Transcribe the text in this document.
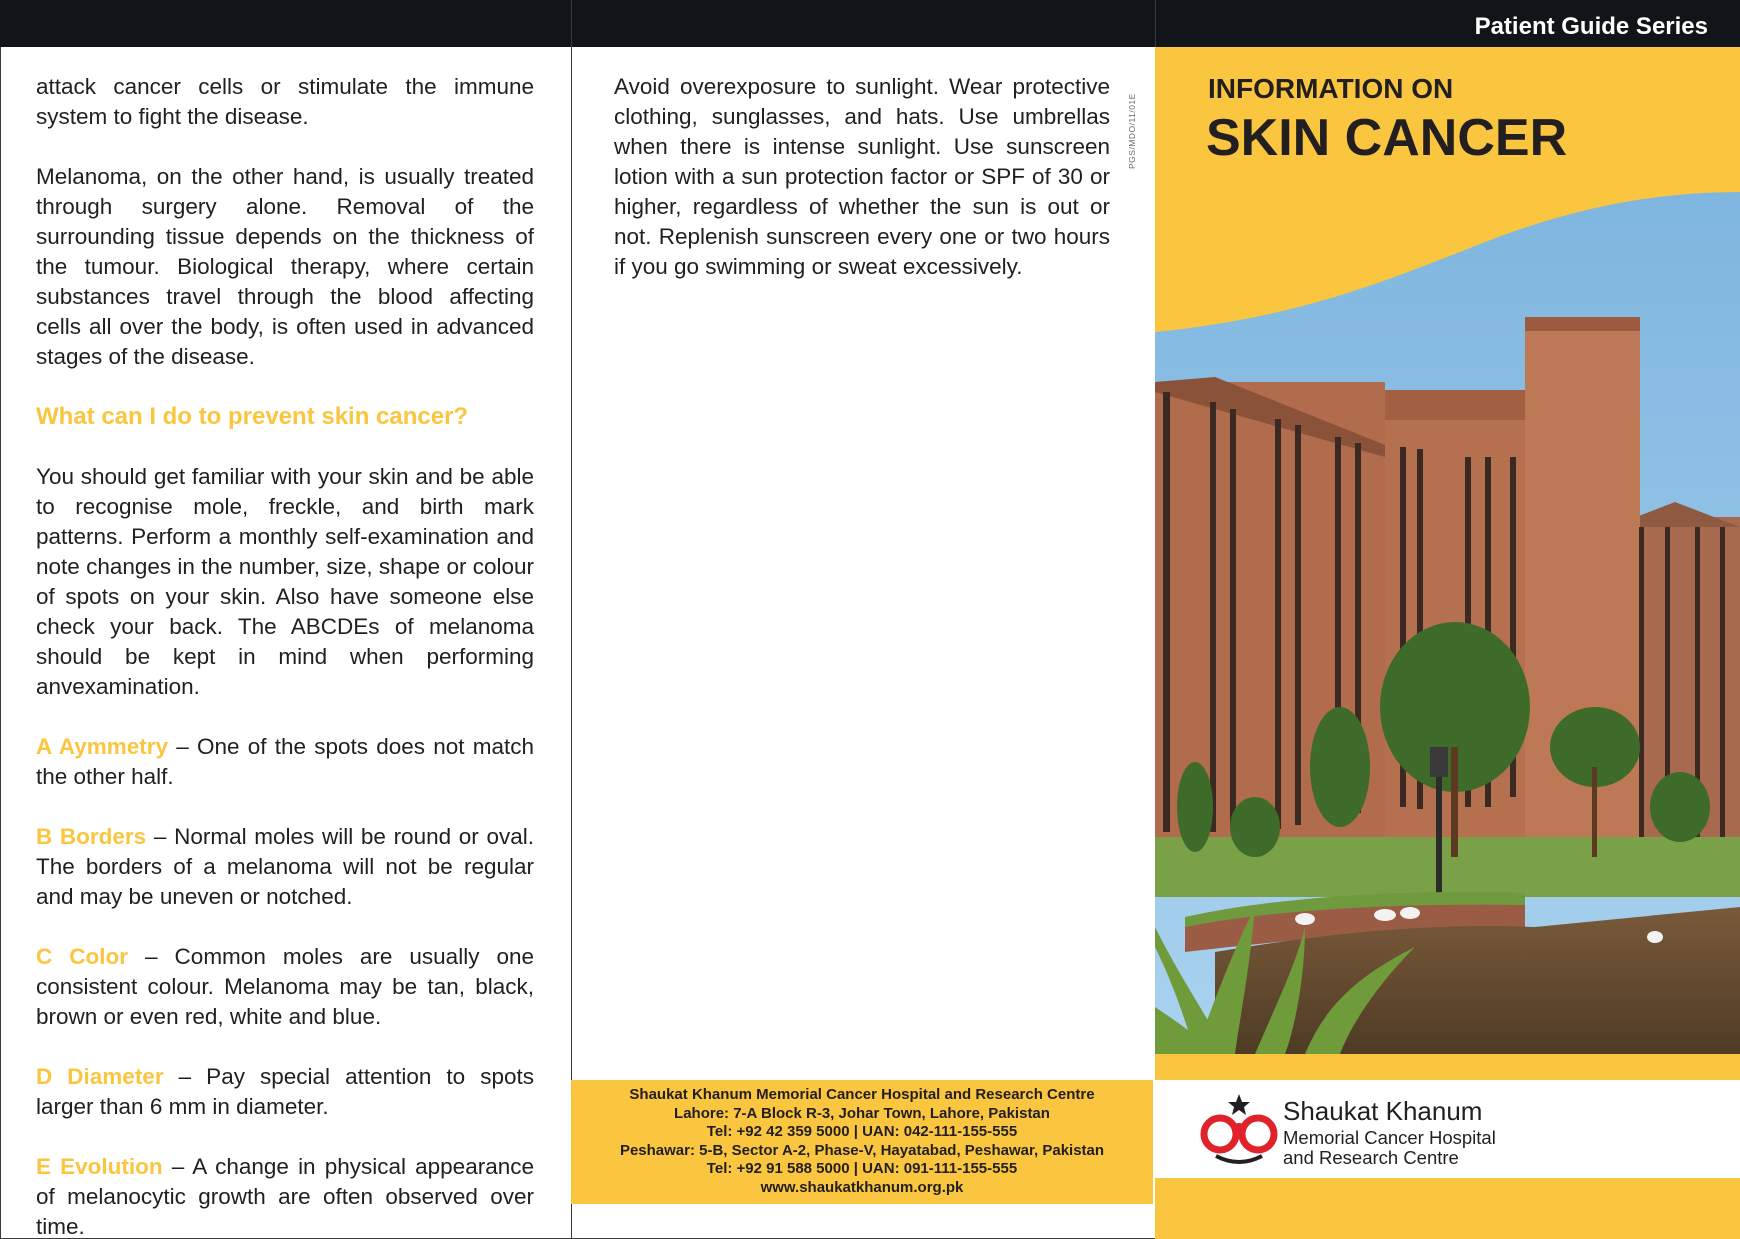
Patient Guide Series

attack cancer cells or stimulate the immune system to fight the disease.

Melanoma, on the other hand, is usually treated through surgery alone. Removal of the surrounding tissue depends on the thickness of the tumour. Biological therapy, where certain substances travel through the blood affecting cells all over the body, is often used in advanced stages of the disease.

What can I do to prevent skin cancer?

You should get familiar with your skin and be able to recognise mole, freckle, and birth mark patterns. Perform a monthly self-examination and note changes in the number, size, shape or colour of spots on your skin. Also have someone else check your back. The ABCDEs of melanoma should be kept in mind when performing anvexamination.

A Aymmetry – One of the spots does not match the other half.

B Borders – Normal moles will be round or oval. The borders of a melanoma will not be regular and may be uneven or notched.

C Color – Common moles are usually one consistent colour. Melanoma may be tan, black, brown or even red, white and blue.

D Diameter – Pay special attention to spots larger than 6 mm in diameter.

E Evolution – A change in physical appearance of melanocytic growth are often observed over time.

Avoid overexposure to sunlight. Wear protective clothing, sunglasses, and hats. Use umbrellas when there is intense sunlight. Use sunscreen lotion with a sun protection factor or SPF of 30 or higher, regardless of whether the sun is out or not. Replenish sunscreen every one or two hours if you go swimming or sweat excessively.
PGS/MDO/11/01E
Shaukat Khanum Memorial Cancer Hospital and Research Centre
Lahore: 7-A Block R-3, Johar Town, Lahore, Pakistan
Tel: +92 42 359 5000 | UAN: 042-111-155-555
Peshawar: 5-B, Sector A-2, Phase-V, Hayatabad, Peshawar, Pakistan
Tel: +92 91 588 5000 | UAN: 091-111-155-555
www.shaukatkhanum.org.pk
INFORMATION ON
SKIN CANCER
Shaukat Khanum
Memorial Cancer Hospital
and Research Centre
